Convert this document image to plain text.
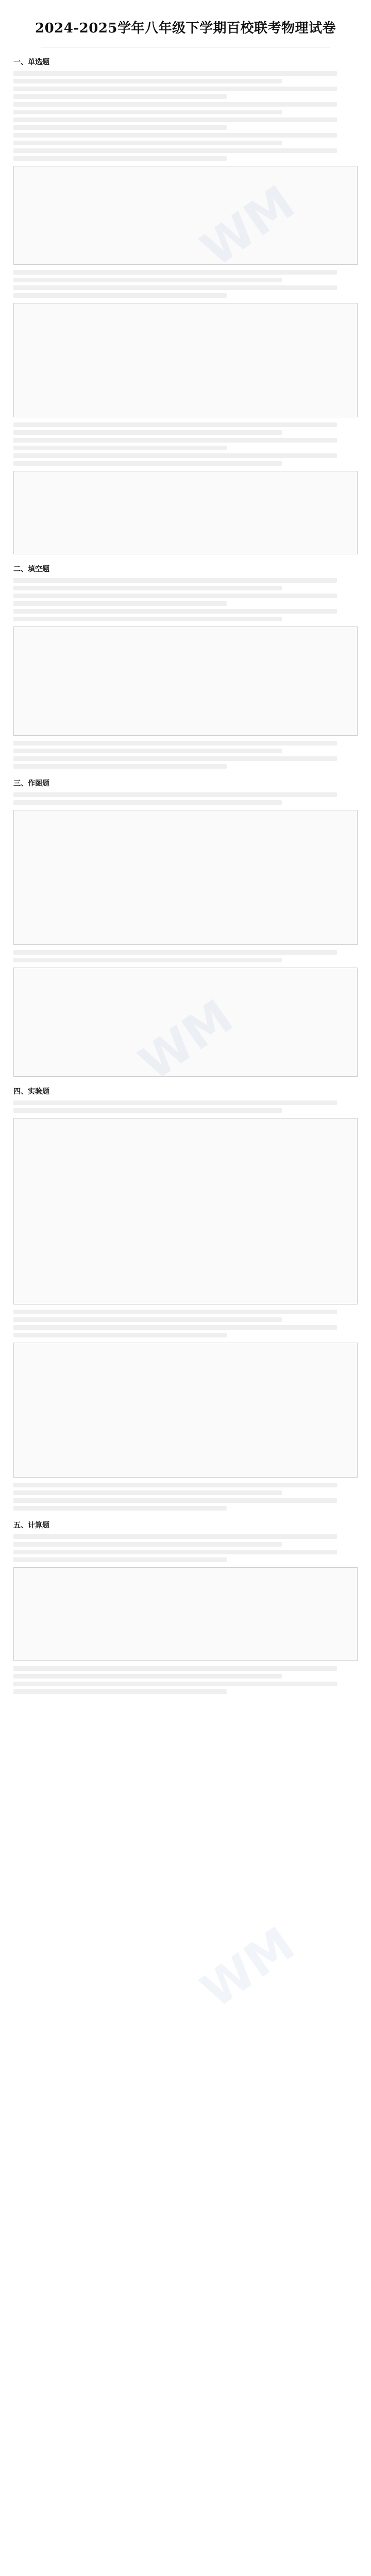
2024-2025学年八年级下学期百校联考物理试卷
一、单选题
二、填空题
三、作图题
四、实验题
五、计算题
WM
